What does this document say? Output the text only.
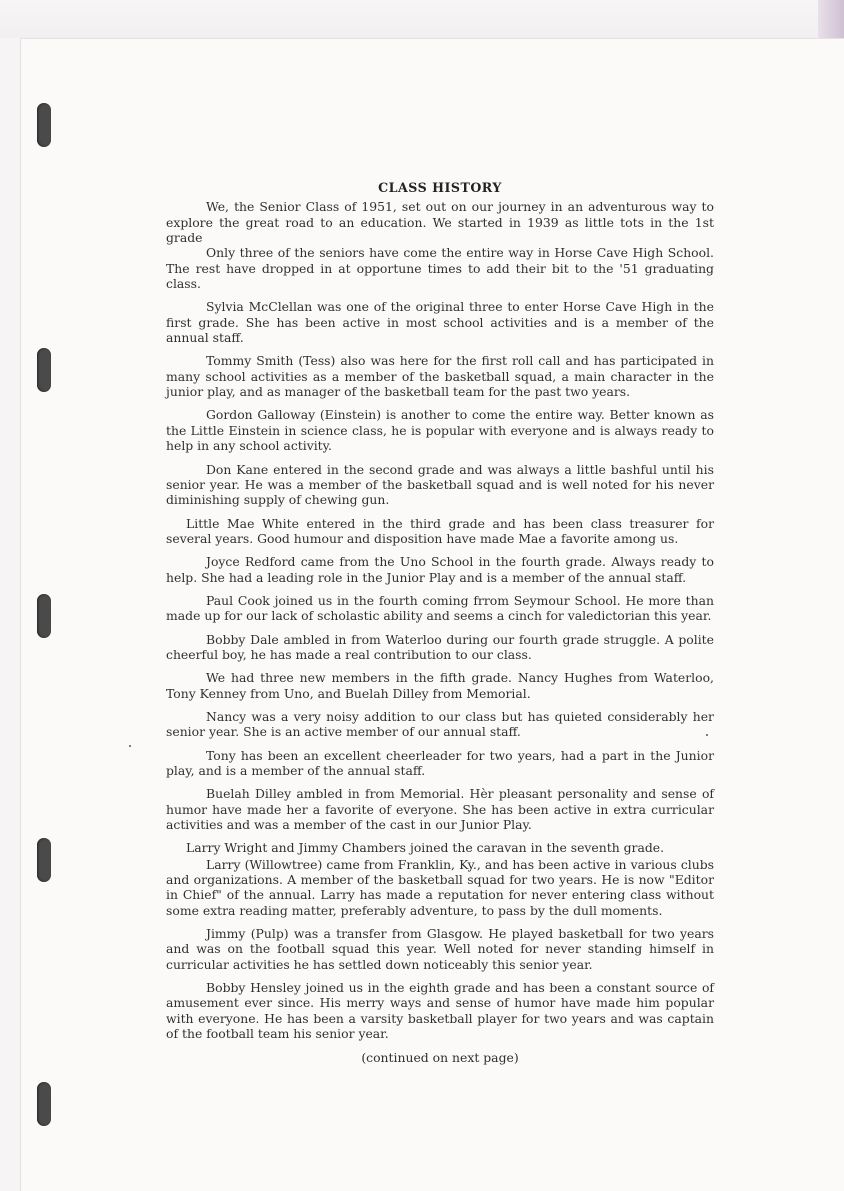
CLASS HISTORY

We, the Senior Class of 1951, set out on our journey in an adventurous way to explore the great road to an education. We started in 1939 as little tots in the 1st grade

Only three of the seniors have come the entire way in Horse Cave High School. The rest have dropped in at opportune times to add their bit to the '51 graduating class.

Sylvia McClellan was one of the original three to enter Horse Cave High in the first grade. She has been active in most school activities and is a member of the annual staff.

Tommy Smith (Tess) also was here for the first roll call and has participated in many school activities as a member of the basketball squad, a main character in the junior play, and as manager of the basketball team for the past two years.

Gordon Galloway (Einstein) is another to come the entire way. Better known as the Little Einstein in science class, he is popular with everyone and is always ready to help in any school activity.

Don Kane entered in the second grade and was always a little bashful until his senior year. He was a member of the basketball squad and is well noted for his never diminishing supply of chewing gun.

Little Mae White entered in the third grade and has been class treasurer for several years. Good humour and disposition have made Mae a favorite among us.

Joyce Redford came from the Uno School in the fourth grade. Always ready to help. She had a leading role in the Junior Play and is a member of the annual staff.

Paul Cook joined us in the fourth coming frrom Seymour School. He more than made up for our lack of scholastic ability and seems a cinch for valedictorian this year.

Bobby Dale ambled in from Waterloo during our fourth grade struggle. A polite cheerful boy, he has made a real contribution to our class.

We had three new members in the fifth grade. Nancy Hughes from Waterloo, Tony Kenney from Uno, and Buelah Dilley from Memorial.

Nancy was a very noisy addition to our class but has quieted considerably her senior year. She is an active member of our annual staff.

Tony has been an excellent cheerleader for two years, had a part in the Junior play, and is a member of the annual staff.

Buelah Dilley ambled in from Memorial. Hèr pleasant personality and sense of humor have made her a favorite of everyone. She has been active in extra curricular activities and was a member of the cast in our Junior Play.

Larry Wright and Jimmy Chambers joined the caravan in the seventh grade.

Larry (Willowtree) came from Franklin, Ky., and has been active in various clubs and organizations. A member of the basketball squad for two years. He is now "Editor in Chief" of the annual. Larry has made a reputation for never entering class without some extra reading matter, preferably adventure, to pass by the dull moments.

Jimmy (Pulp) was a transfer from Glasgow. He played basketball for two years and was on the football squad this year. Well noted for never standing himself in curricular activities he has settled down noticeably this senior year.

Bobby Hensley joined us in the eighth grade and has been a constant source of amusement ever since. His merry ways and sense of humor have made him popular with everyone. He has been a varsity basketball player for two years and was captain of the football team his senior year.

(continued on next page)
